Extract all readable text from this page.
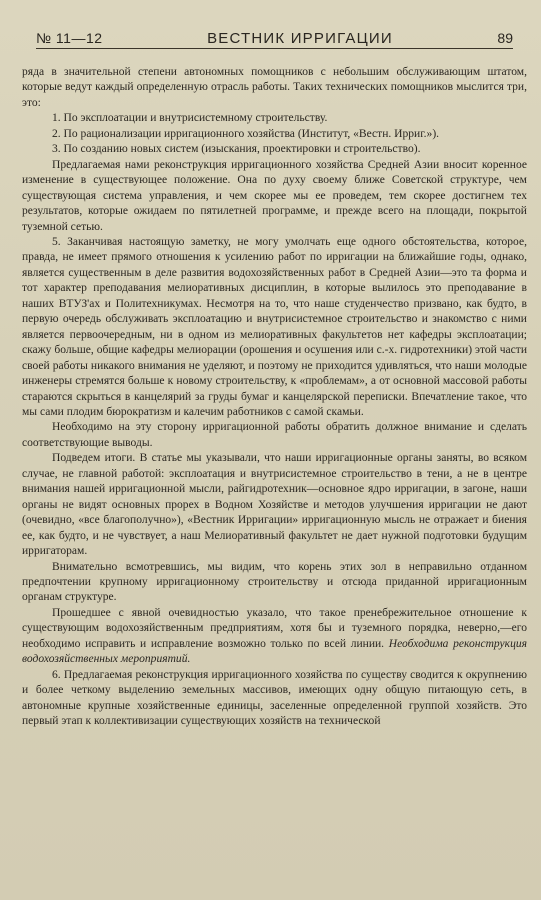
№ 11—12	ВЕСТНИК ИРРИГАЦИИ	89

ряда в значительной степени автономных помощников с небольшим обслуживающим штатом, которые ведут каждый определенную отрасль работы. Таких технических помощников мыслится три, это:

1. По эксплоатации и внутрисистемному строительству.

2. По рационализации ирригационного хозяйства (Институт, «Вестн. Ирриг.»).

3. По созданию новых систем (изыскания, проектировки и строительство).

Предлагаемая нами реконструкция ирригационного хозяйства Средней Азии вносит коренное изменение в существующее положение. Она по духу своему ближе Советской структуре, чем существующая система управления, и чем скорее мы ее проведем, тем скорее достигнем тех результатов, которые ожидаем по пятилетней программе, и прежде всего на площади, покрытой туземной сетью.

5. Заканчивая настоящую заметку, не могу умолчать еще одного обстоятельства, которое, правда, не имеет прямого отношения к усилению работ по ирригации на ближайшие годы, однако, является существенным в деле развития водохозяйственных работ в Средней Азии—это та форма и тот характер преподавания мелиоративных дисциплин, в которые вылилось это преподавание в наших ВТУЗ'ах и Политехникумах. Несмотря на то, что наше студенчество призвано, как будто, в первую очередь обслуживать эксплоатацию и внутрисистемное строительство и знакомство с ними является первоочередным, ни в одном из мелиоративных факультетов нет кафедры эксплоатации; скажу больше, общие кафедры мелиорации (орошения и осушения или с.-х. гидротехники) этой части своей работы никакого внимания не уделяют, и поэтому не приходится удивляться, что наши молодые инженеры стремятся больше к новому строительству, к «проблемам», а от основной массовой работы стараются скрыться в канцелярий за груды бумаг и канцелярской переписки. Впечатление такое, что мы сами плодим бюрократизм и калечим работников с самой скамьи.

Необходимо на эту сторону ирригационной работы обратить должное внимание и сделать соответствующие выводы.

Подведем итоги. В статье мы указывали, что наши ирригационные органы заняты, во всяком случае, не главной работой: эксплоатация и внутрисистемное строительство в тени, а не в центре внимания нашей ирригационной мысли, райгидротехник—основное ядро ирригации, в загоне, наши органы не видят основных прорех в Водном Хозяйстве и методов улучшения ирригации не дают (очевидно, «все благополучно»), «Вестник Ирригации» ирригационную мысль не отражает и биения ее, как будто, и не чувствует, а наш Мелиоративный факультет не дает нужной подготовки будущим ирригаторам.

Внимательно всмотревшись, мы видим, что корень этих зол в неправильно отданном предпочтении крупному ирригационному строительству и отсюда приданной ирригационным органам структуре.

Прошедшее с явной очевидностью указало, что такое пренебрежительное отношение к существующим водохозяйственным предприятиям, хотя бы и туземного порядка, неверно,—его необходимо исправить и исправление возможно только по всей линии. Необходима реконструкция водохозяйственных мероприятий.

6. Предлагаемая реконструкция ирригационного хозяйства по существу сводится к окрупнению и более четкому выделению земельных массивов, имеющих одну общую питающую сеть, в автономные крупные хозяйственные единицы, заселенные определенной группой хозяйств. Это первый этап к коллективизации существующих хозяйств на технической
